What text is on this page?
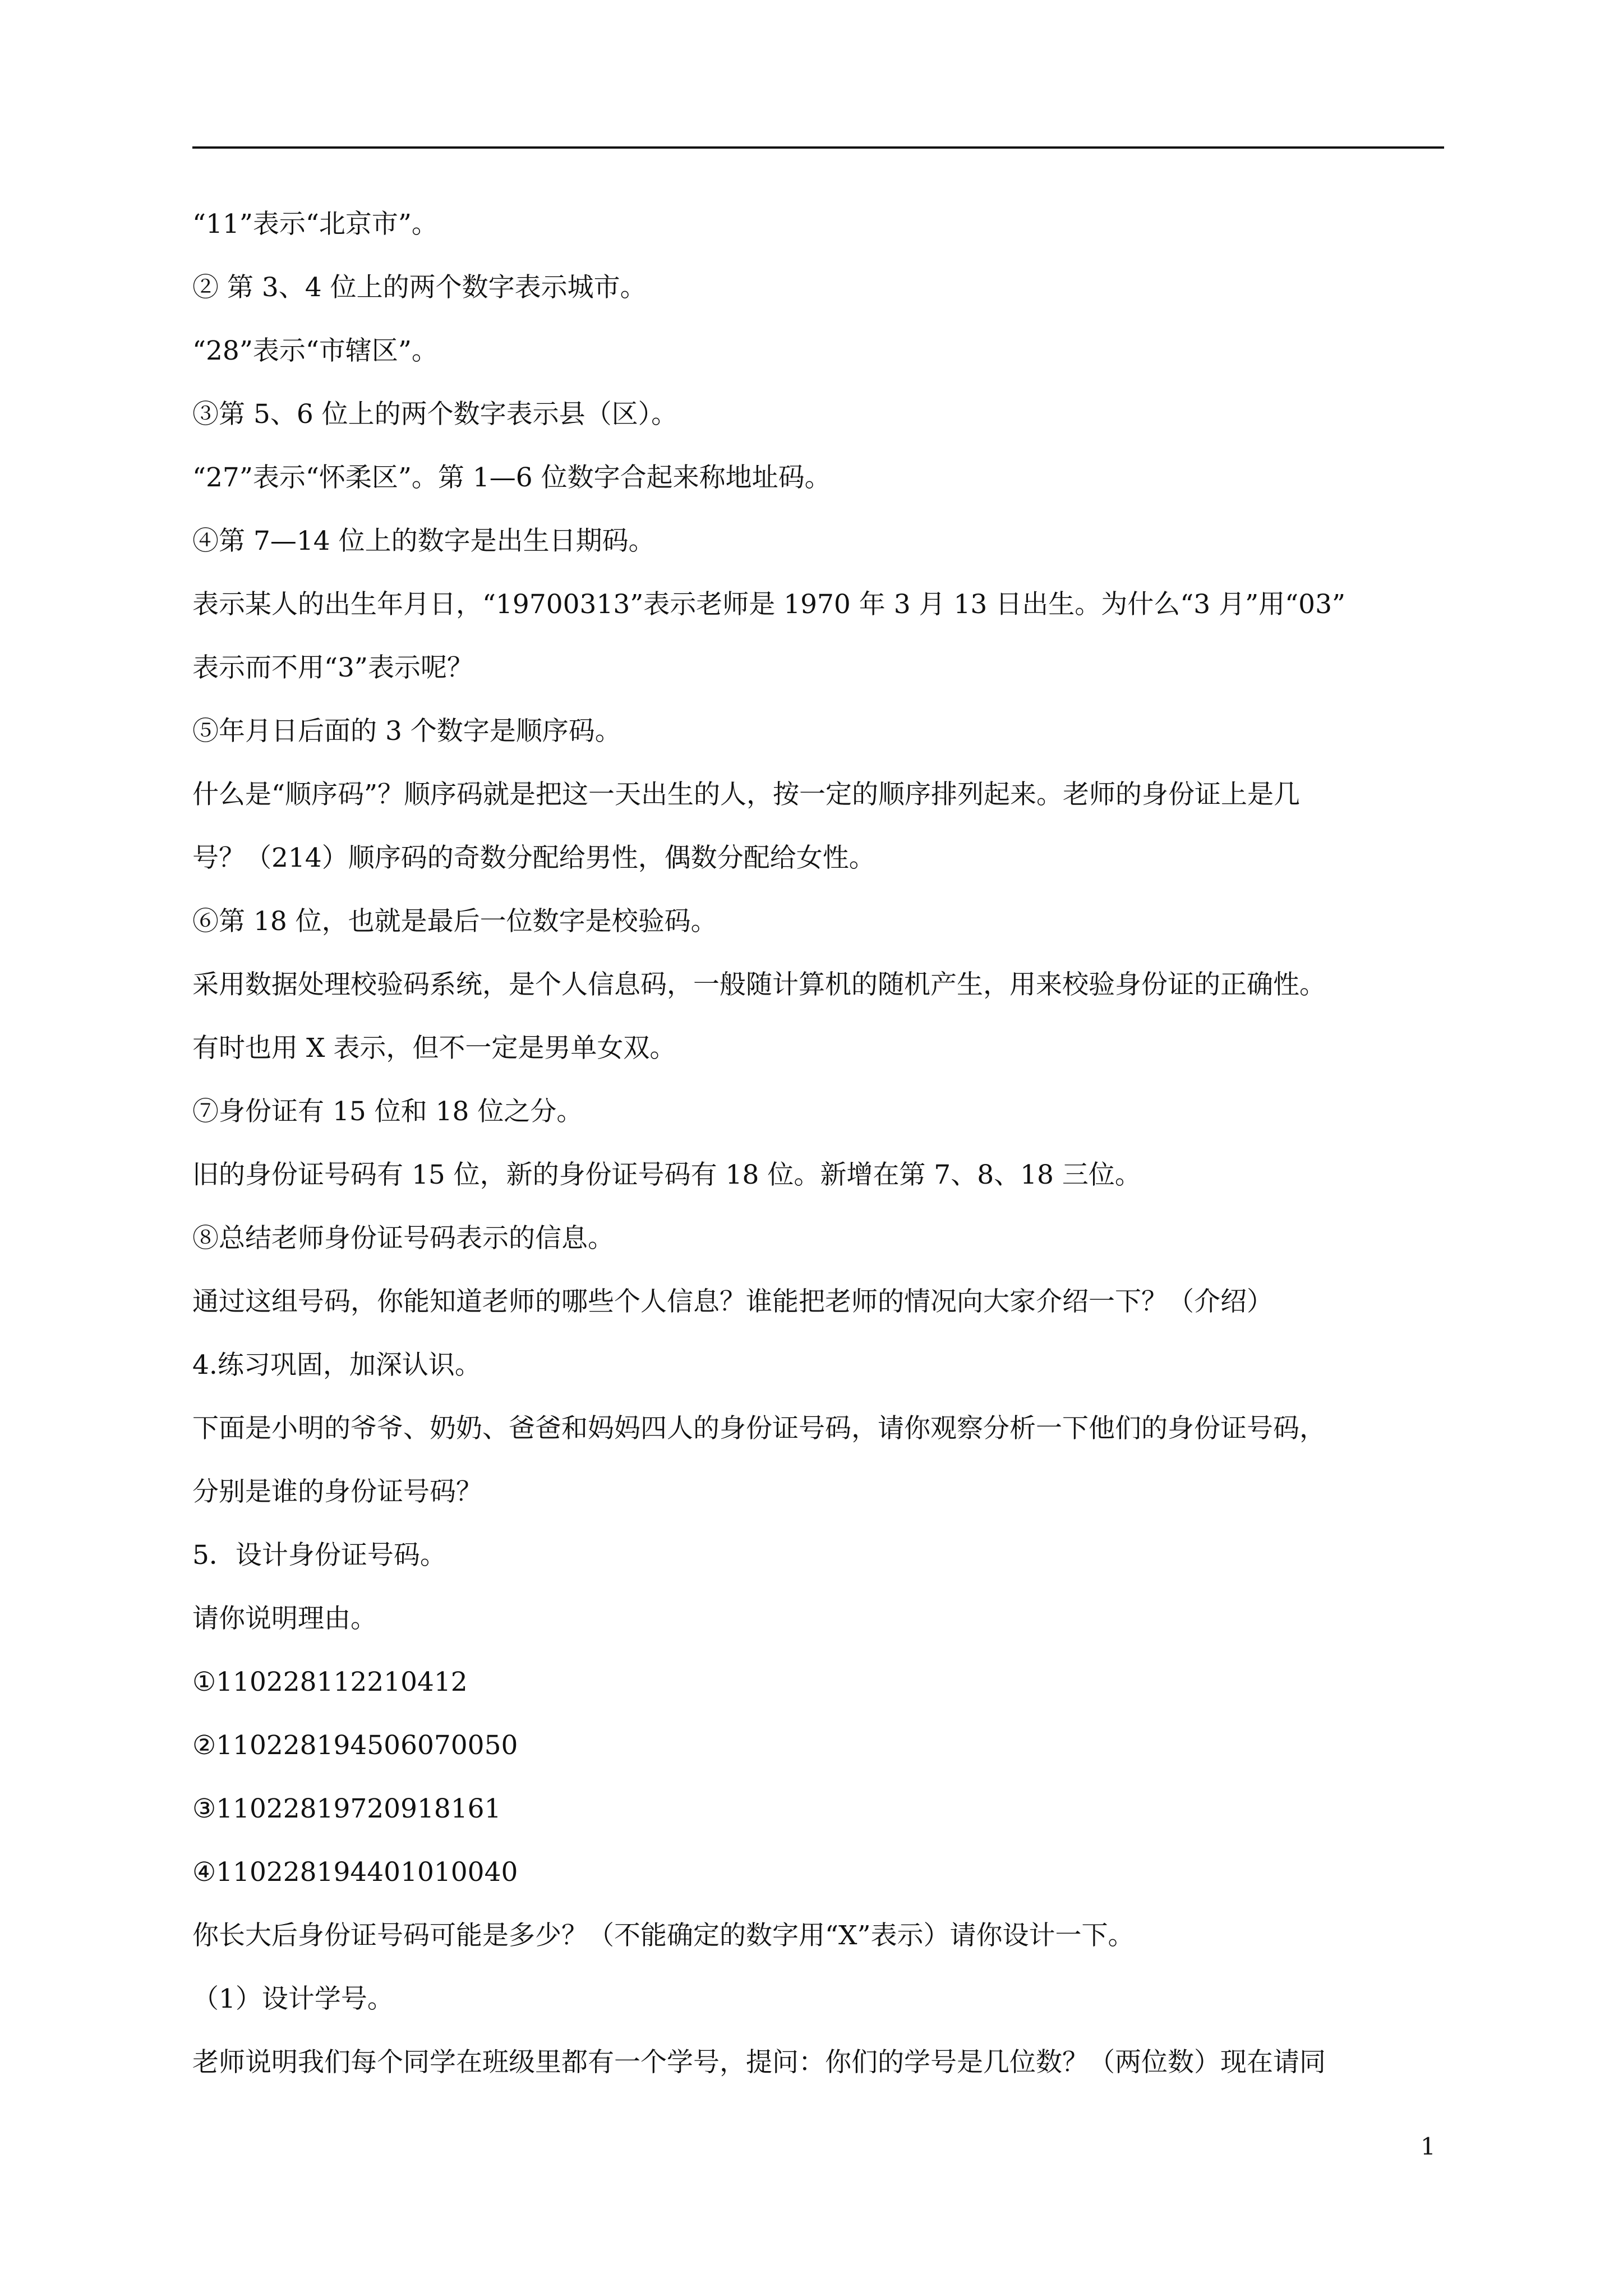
“11”表示“北京市”。
② 第 3、4 位上的两个数字表示城市。
“28”表示“市辖区”。
③第 5、6 位上的两个数字表示县（区）。
“27”表示“怀柔区”。第 1—6 位数字合起来称地址码。
④第 7—14 位上的数字是出生日期码。
表示某人的出生年月日，“19700313”表示老师是 1970 年 3 月 13 日出生。为什么“3 月”用“03”
表示而不用“3”表示呢？
⑤年月日后面的 3 个数字是顺序码。
什么是“顺序码”？顺序码就是把这一天出生的人，按一定的顺序排列起来。老师的身份证上是几
号？（214）顺序码的奇数分配给男性，偶数分配给女性。
⑥第 18 位，也就是最后一位数字是校验码。
采用数据处理校验码系统，是个人信息码，一般随计算机的随机产生，用来校验身份证的正确性。
有时也用 X 表示，但不一定是男单女双。
⑦身份证有 15 位和 18 位之分。
旧的身份证号码有 15 位，新的身份证号码有 18 位。新增在第 7、8、18 三位。
⑧总结老师身份证号码表示的信息。
通过这组号码，你能知道老师的哪些个人信息？谁能把老师的情况向大家介绍一下？（介绍）
4.练习巩固，加深认识。
下面是小明的爷爷、奶奶、爸爸和妈妈四人的身份证号码，请你观察分析一下他们的身份证号码，
分别是谁的身份证号码？
5．设计身份证号码。
请你说明理由。
①110228112210412
②110228194506070050
③11022819720918161
④110228194401010040
你长大后身份证号码可能是多少？（不能确定的数字用“X”表示）请你设计一下。
（1）设计学号。
老师说明我们每个同学在班级里都有一个学号，提问：你们的学号是几位数？（两位数）现在请同
1
